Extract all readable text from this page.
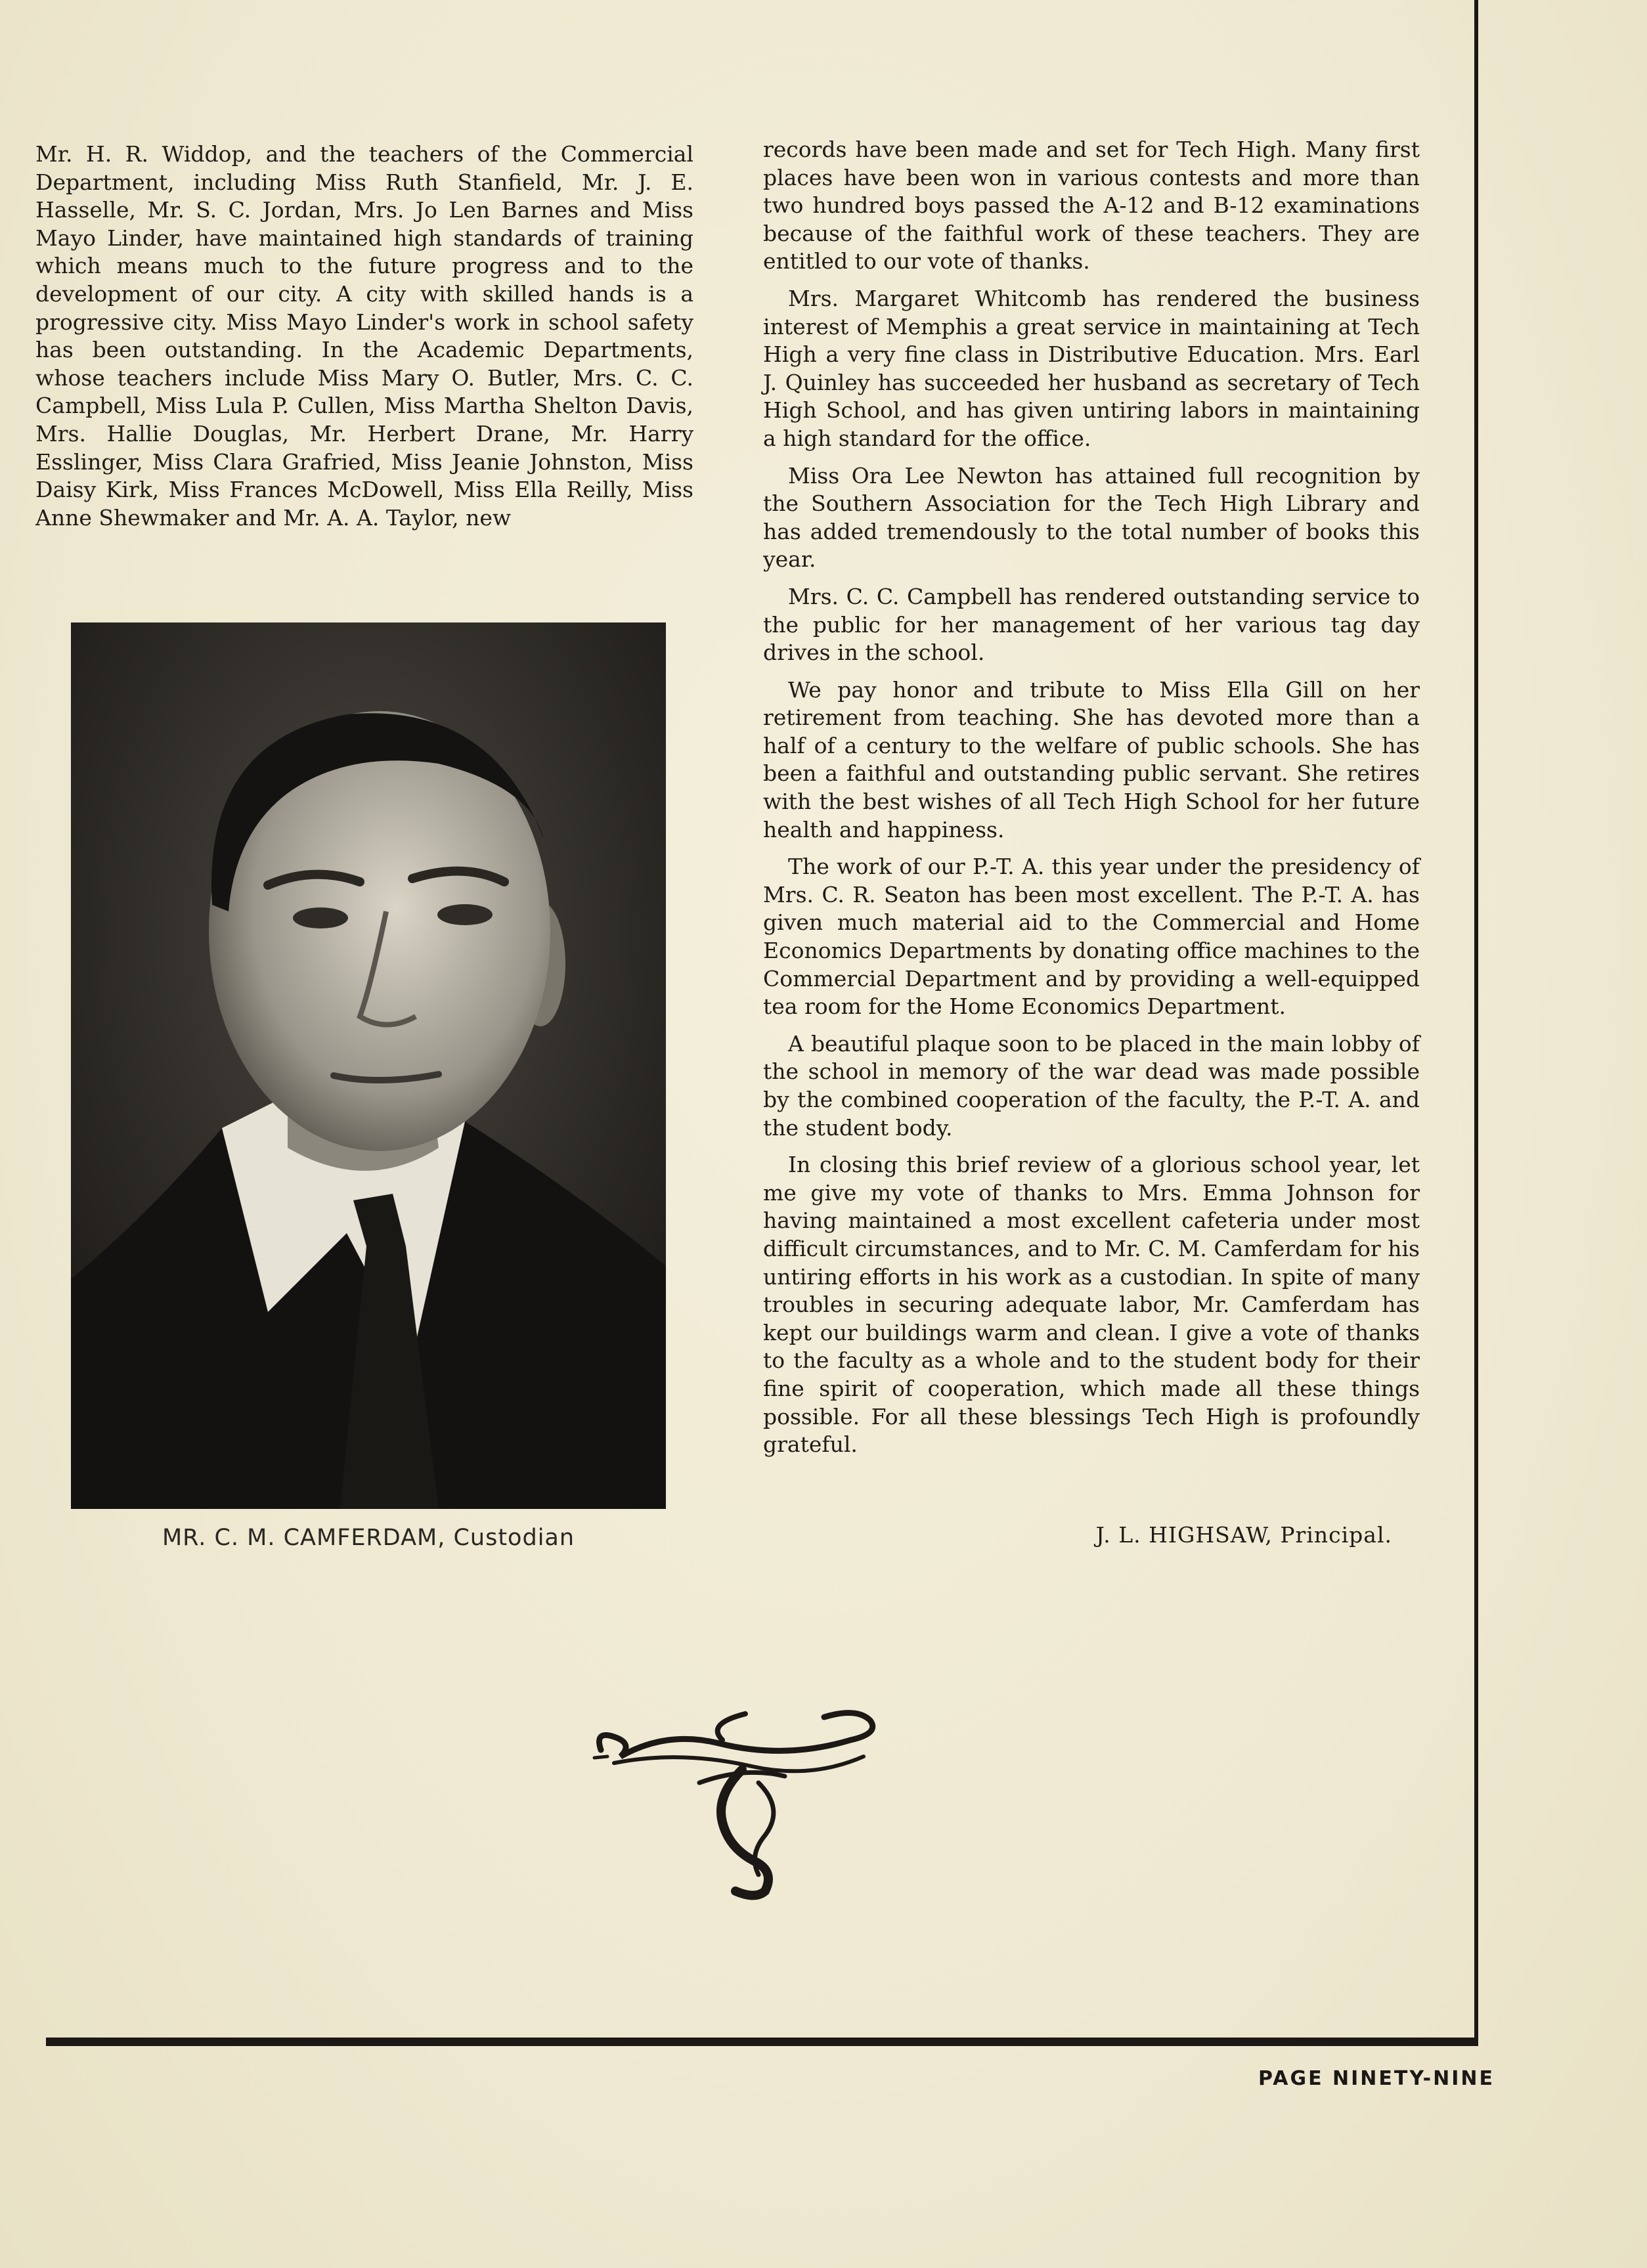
Mr. H. R. Widdop, and the teachers of the Commercial Department, including Miss Ruth Stanfield, Mr. J. E. Hasselle, Mr. S. C. Jordan, Mrs. Jo Len Barnes and Miss Mayo Linder, have maintained high standards of training which means much to the future progress and to the development of our city. A city with skilled hands is a progressive city. Miss Mayo Linder's work in school safety has been outstanding. In the Academic Departments, whose teachers include Miss Mary O. Butler, Mrs. C. C. Campbell, Miss Lula P. Cullen, Miss Martha Shelton Davis, Mrs. Hallie Douglas, Mr. Herbert Drane, Mr. Harry Esslinger, Miss Clara Grafried, Miss Jeanie Johnston, Miss Daisy Kirk, Miss Frances McDowell, Miss Ella Reilly, Miss Anne Shewmaker and Mr. A. A. Taylor, new

MR. C. M. CAMFERDAM, Custodian

records have been made and set for Tech High. Many first places have been won in various contests and more than two hundred boys passed the A-12 and B-12 examinations because of the faithful work of these teachers. They are entitled to our vote of thanks.

Mrs. Margaret Whitcomb has rendered the business interest of Memphis a great service in maintaining at Tech High a very fine class in Distributive Education. Mrs. Earl J. Quinley has succeeded her husband as secretary of Tech High School, and has given untiring labors in maintaining a high standard for the office.

Miss Ora Lee Newton has attained full recognition by the Southern Association for the Tech High Library and has added tremendously to the total number of books this year.

Mrs. C. C. Campbell has rendered outstanding service to the public for her management of her various tag day drives in the school.

We pay honor and tribute to Miss Ella Gill on her retirement from teaching. She has devoted more than a half of a century to the welfare of public schools. She has been a faithful and outstanding public servant. She retires with the best wishes of all Tech High School for her future health and happiness.

The work of our P.-T. A. this year under the presidency of Mrs. C. R. Seaton has been most excellent. The P.-T. A. has given much material aid to the Commercial and Home Economics Departments by donating office machines to the Commercial Department and by providing a well-equipped tea room for the Home Economics Department.

A beautiful plaque soon to be placed in the main lobby of the school in memory of the war dead was made possible by the combined cooperation of the faculty, the P.-T. A. and the student body.

In closing this brief review of a glorious school year, let me give my vote of thanks to Mrs. Emma Johnson for having maintained a most excellent cafeteria under most difficult circumstances, and to Mr. C. M. Camferdam for his untiring efforts in his work as a custodian. In spite of many troubles in securing adequate labor, Mr. Camferdam has kept our buildings warm and clean. I give a vote of thanks to the faculty as a whole and to the student body for their fine spirit of cooperation, which made all these things possible. For all these blessings Tech High is profoundly grateful.

J. L. HIGHSAW, Principal.
PAGE NINETY-NINE
